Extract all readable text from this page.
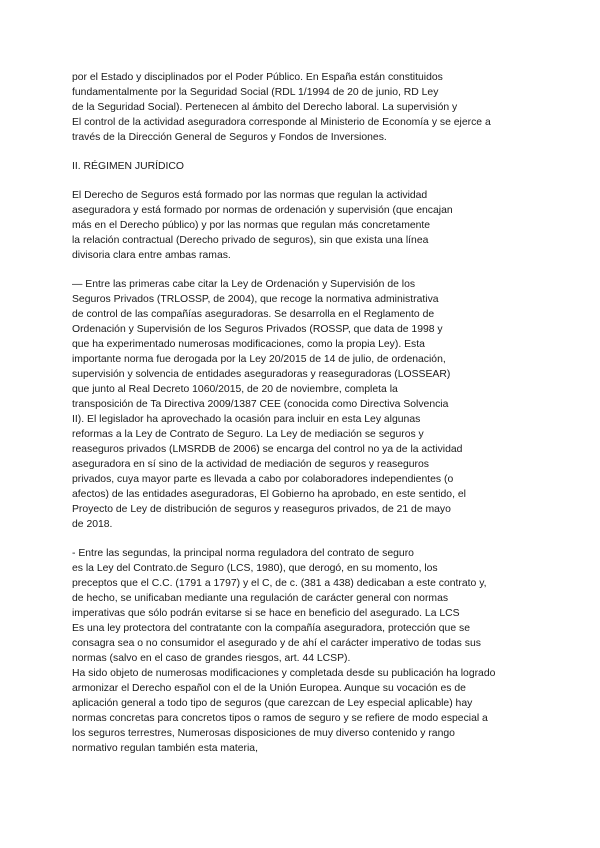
por el Estado y disciplinados por el Poder Público. En España están constituidos
fundamentalmente por la Seguridad Social (RDL 1/1994 de 20 de junio, RD Ley
de la Seguridad Social). Pertenecen al ámbito del Derecho laboral. La supervisión y
El control de la actividad aseguradora corresponde al Ministerio de Economía y se ejerce a
través de la Dirección General de Seguros y Fondos de Inversiones.
II. RÉGIMEN JURÍDICO
El Derecho de Seguros está formado por las normas que regulan la actividad
aseguradora y está formado por normas de ordenación y supervisión (que encajan
más en el Derecho público) y por las normas que regulan más concretamente
la relación contractual (Derecho privado de seguros), sin que exista una línea
divisoria clara entre ambas ramas.
— Entre las primeras cabe citar la Ley de Ordenación y Supervisión de los
Seguros Privados (TRLOSSP, de 2004), que recoge la normativa administrativa
de control de las compañías aseguradoras. Se desarrolla en el Reglamento de
Ordenación y Supervisión de los Seguros Privados (ROSSP, que data de 1998 y
que ha experimentado numerosas modificaciones, como la propia Ley). Esta
importante norma fue derogada por la Ley 20/2015 de 14 de julio, de ordenación,
supervisión y solvencia de entidades aseguradoras y reaseguradoras (LOSSEAR)
que junto al Real Decreto 1060/2015, de 20 de noviembre, completa la
transposición de Ta Directiva 2009/1387 CEE (conocida como Directiva Solvencia
II). El legislador ha aprovechado la ocasión para incluir en esta Ley algunas
reformas a la Ley de Contrato de Seguro. La Ley de mediación se seguros y
reaseguros privados (LMSRDB de 2006) se encarga del control no ya de la actividad
aseguradora en sí sino de la actividad de mediación de seguros y reaseguros
privados, cuya mayor parte es llevada a cabo por colaboradores independientes (o
afectos) de las entidades aseguradoras, El Gobierno ha aprobado, en este sentido, el
Proyecto de Ley de distribución de seguros y reaseguros privados, de 21 de mayo
de 2018.
- Entre las segundas, la principal norma reguladora del contrato de seguro
es la Ley del Contrato.de Seguro (LCS, 1980), que derogó, en su momento, los
preceptos que el C.C. (1791 a 1797) y el C, de c. (381 a 438) dedicaban a este contrato y,
de hecho, se unificaban mediante una regulación de carácter general con normas
imperativas que sólo podrán evitarse si se hace en beneficio del asegurado. La LCS
Es una ley protectora del contratante con la compañía aseguradora, protección que se
consagra sea o no consumidor el asegurado y de ahí el carácter imperativo de todas sus
normas (salvo en el caso de grandes riesgos, art. 44 LCSP).
Ha sido objeto de numerosas modificaciones y completada desde su publicación ha logrado
armonizar el Derecho español con el de la Unión Europea. Aunque su vocación es de
aplicación general a todo tipo de seguros (que carezcan de Ley especial aplicable) hay
normas concretas para concretos tipos o ramos de seguro y se refiere de modo especial a
los seguros terrestres, Numerosas disposiciones de muy diverso contenido y rango
normativo regulan también esta materia,
